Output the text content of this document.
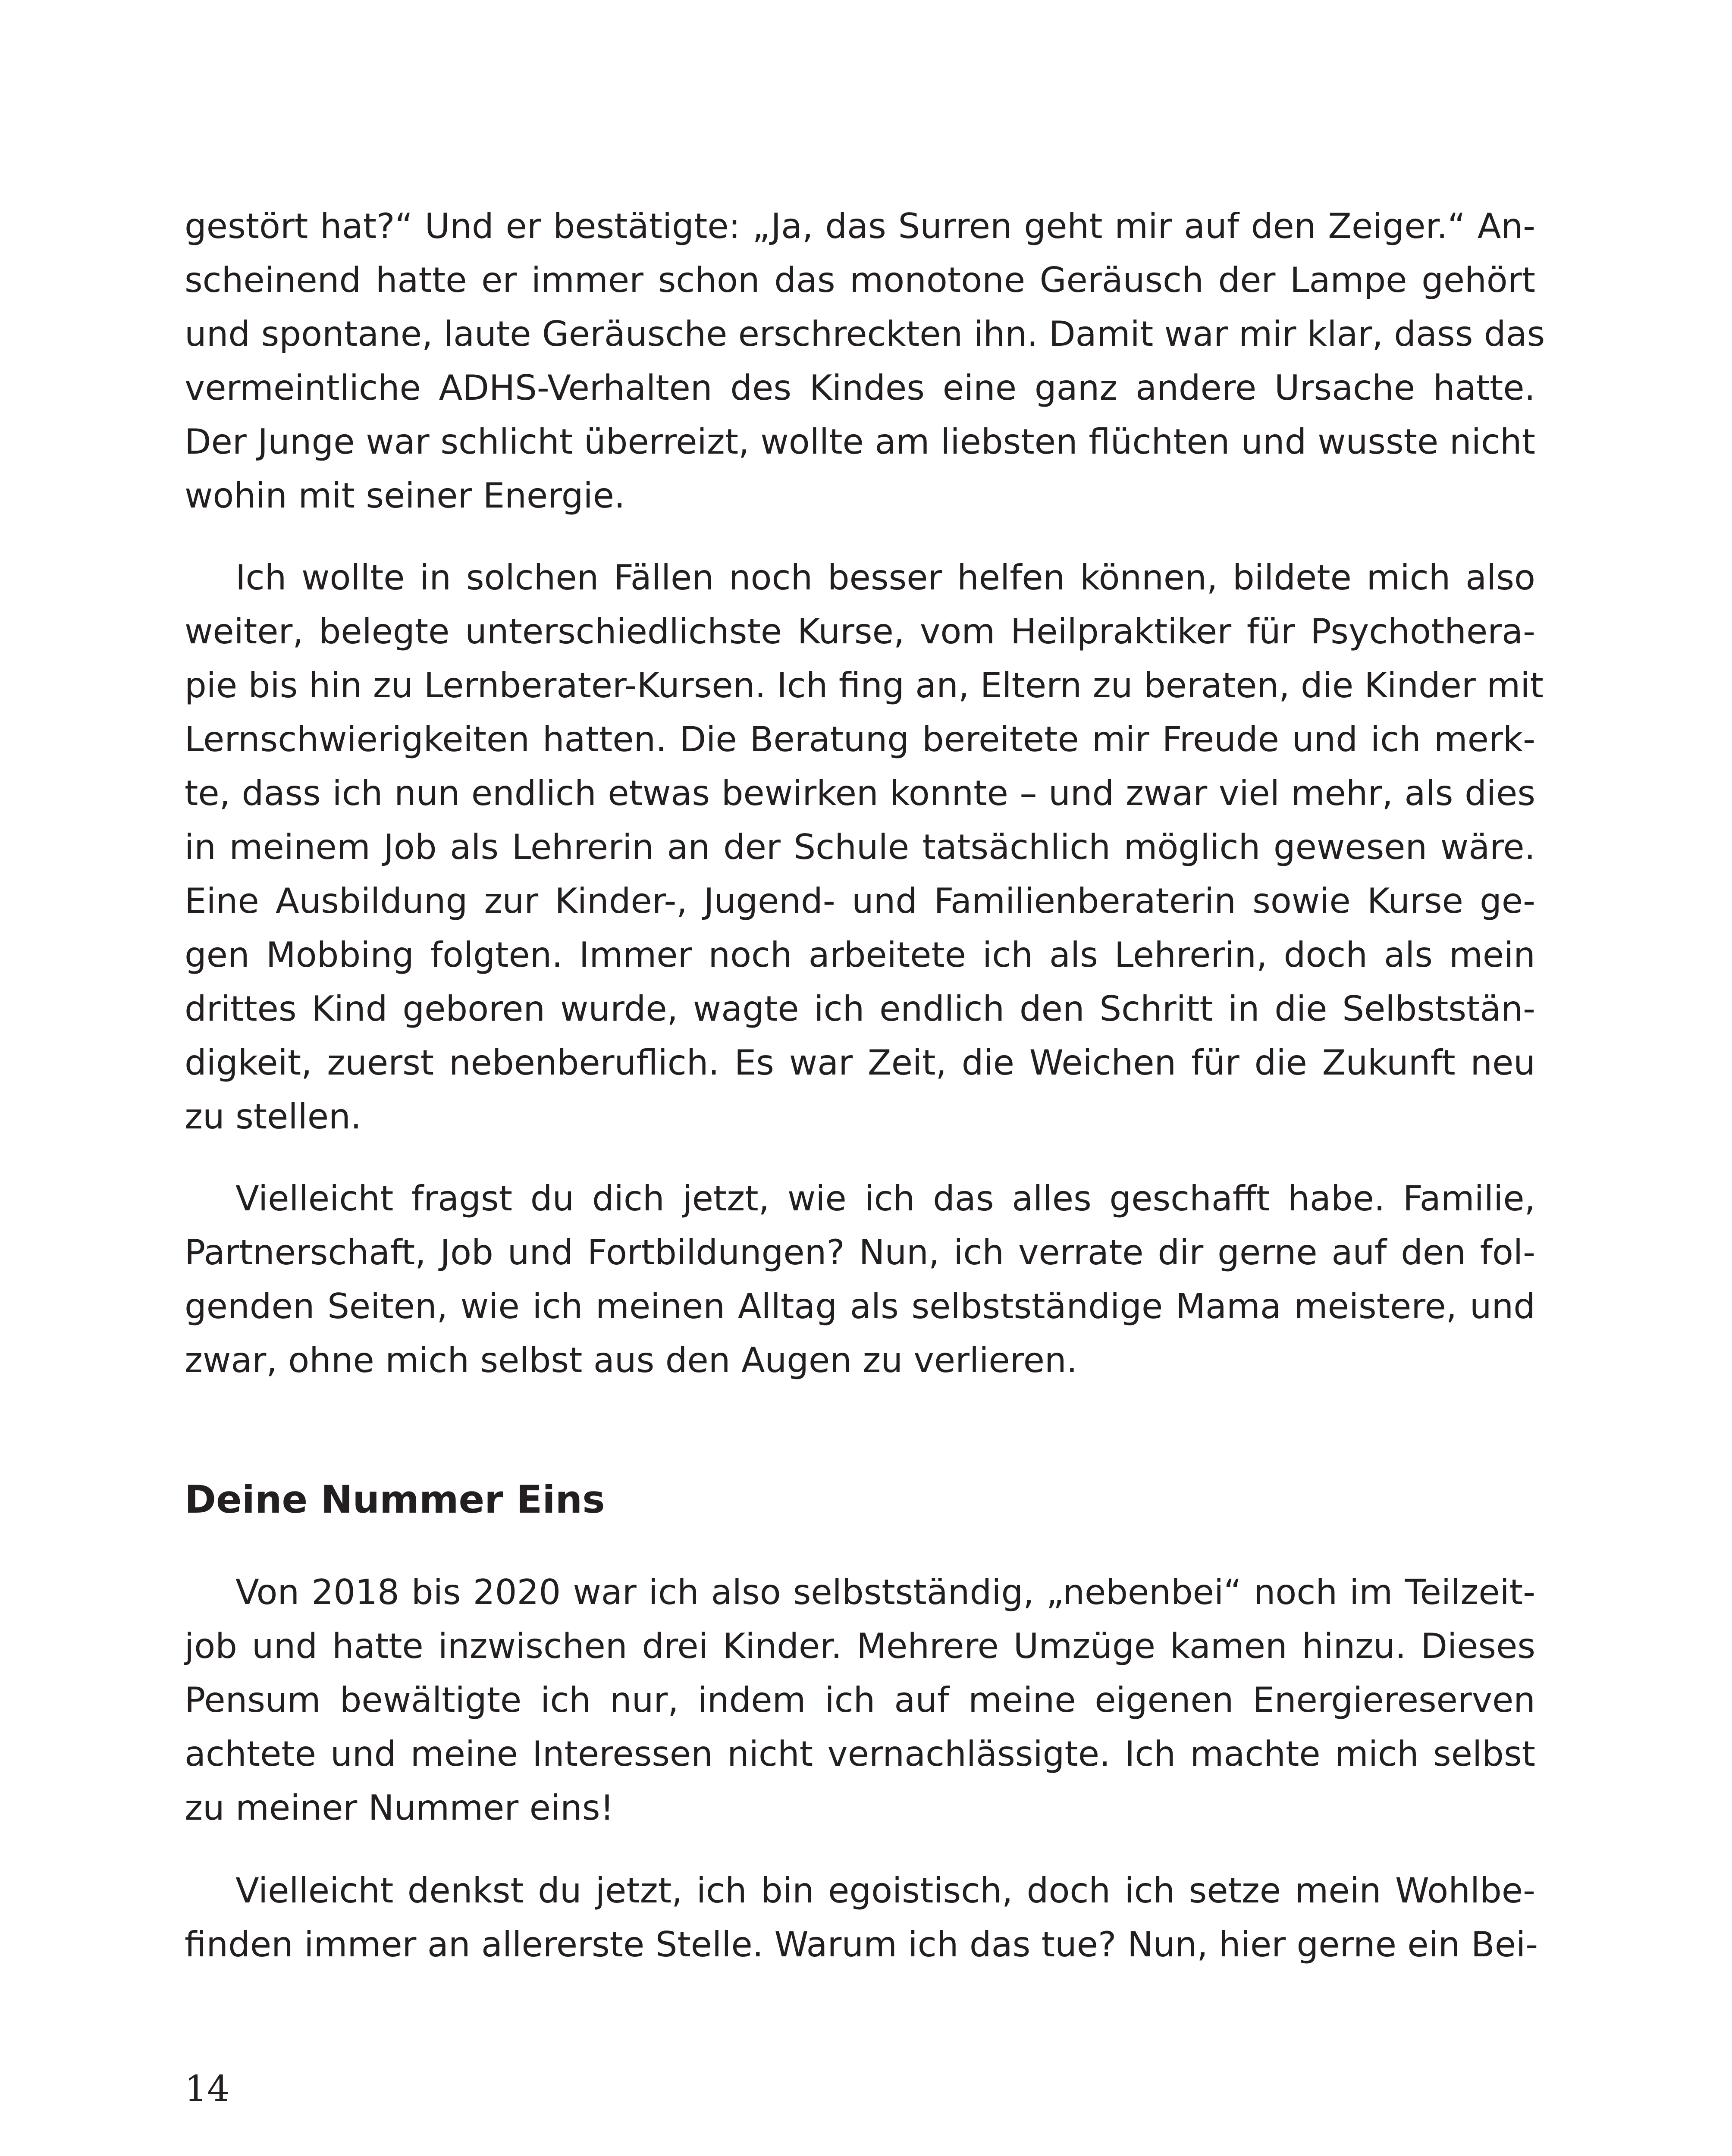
gestört hat?“ Und er bestätigte: „Ja, das Surren geht mir auf den Zeiger.“ An-
scheinend hatte er immer schon das monotone Geräusch der Lampe gehört
und spontane, laute Geräusche erschreckten ihn. Damit war mir klar, dass das
vermeintliche ADHS-Verhalten des Kindes eine ganz andere Ursache hatte.
Der Junge war schlicht überreizt, wollte am liebsten flüchten und wusste nicht
wohin mit seiner Energie.
Ich wollte in solchen Fällen noch besser helfen können, bildete mich also
weiter, belegte unterschiedlichste Kurse, vom Heilpraktiker für Psychothera-
pie bis hin zu Lernberater-Kursen. Ich fing an, Eltern zu beraten, die Kinder mit
Lernschwierigkeiten hatten. Die Beratung bereitete mir Freude und ich merk-
te, dass ich nun endlich etwas bewirken konnte – und zwar viel mehr, als dies
in meinem Job als Lehrerin an der Schule tatsächlich möglich gewesen wäre.
Eine Ausbildung zur Kinder-, Jugend- und Familienberaterin sowie Kurse ge-
gen Mobbing folgten. Immer noch arbeitete ich als Lehrerin, doch als mein
drittes Kind geboren wurde, wagte ich endlich den Schritt in die Selbststän-
digkeit, zuerst nebenberuflich. Es war Zeit, die Weichen für die Zukunft neu
zu stellen.
Vielleicht fragst du dich jetzt, wie ich das alles geschafft habe. Familie,
Partnerschaft, Job und Fortbildungen? Nun, ich verrate dir gerne auf den fol-
genden Seiten, wie ich meinen Alltag als selbstständige Mama meistere, und
zwar, ohne mich selbst aus den Augen zu verlieren.
Deine Nummer Eins
Von 2018 bis 2020 war ich also selbstständig, „nebenbei“ noch im Teilzeit-
job und hatte inzwischen drei Kinder. Mehrere Umzüge kamen hinzu. Dieses
Pensum bewältigte ich nur, indem ich auf meine eigenen Energiereserven
achtete und meine Interessen nicht vernachlässigte. Ich machte mich selbst
zu meiner Nummer eins!
Vielleicht denkst du jetzt, ich bin egoistisch, doch ich setze mein Wohlbe-
finden immer an allererste Stelle. Warum ich das tue? Nun, hier gerne ein Bei-
14
